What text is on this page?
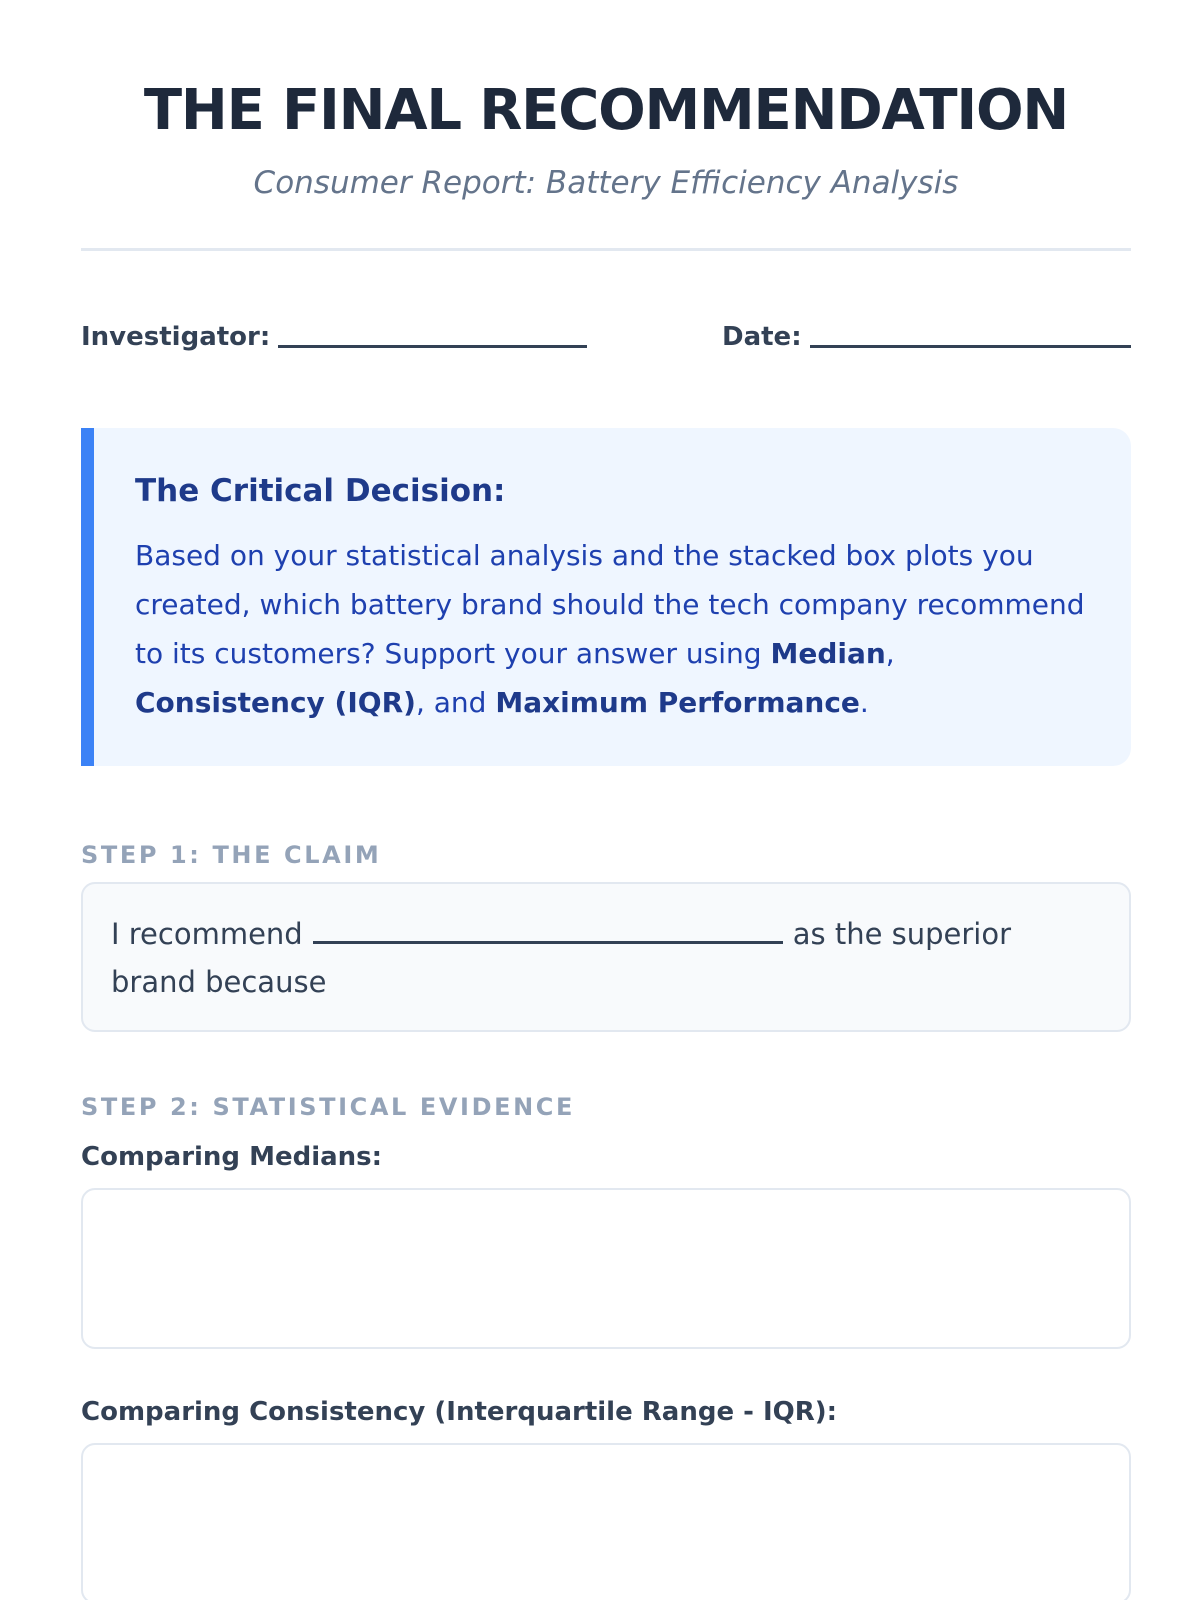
THE FINAL RECOMMENDATION
Consumer Report: Battery Efficiency Analysis
Investigator:	Date:
The Critical Decision:

Based on your statistical analysis and the stacked box plots you created, which battery brand should the tech company recommend to its customers? Support your answer using Median, Consistency (IQR), and Maximum Performance.

STEP 1: THE CLAIM
I recommend	as the superior brand because
STEP 2: STATISTICAL EVIDENCE
Comparing Medians:
Comparing Consistency (Interquartile Range - IQR):
